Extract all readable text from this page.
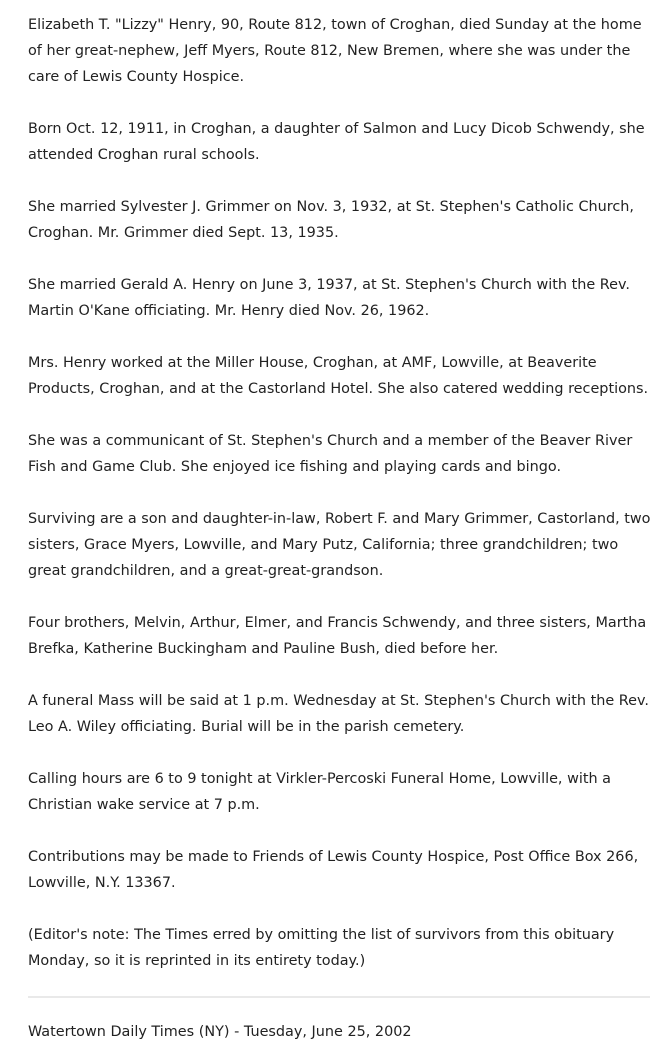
Elizabeth T. "Lizzy" Henry, 90, Route 812, town of Croghan, died Sunday at the home of her great-nephew, Jeff Myers, Route 812, New Bremen, where she was under the care of Lewis County Hospice.

Born Oct. 12, 1911, in Croghan, a daughter of Salmon and Lucy Dicob Schwendy, she attended Croghan rural schools.

She married Sylvester J. Grimmer on Nov. 3, 1932, at St. Stephen's Catholic Church, Croghan. Mr. Grimmer died Sept. 13, 1935.

She married Gerald A. Henry on June 3, 1937, at St. Stephen's Church with the Rev. Martin O'Kane officiating. Mr. Henry died Nov. 26, 1962.

Mrs. Henry worked at the Miller House, Croghan, at AMF, Lowville, at Beaverite Products, Croghan, and at the Castorland Hotel. She also catered wedding receptions.

She was a communicant of St. Stephen's Church and a member of the Beaver River Fish and Game Club. She enjoyed ice fishing and playing cards and bingo.

Surviving are a son and daughter-in-law, Robert F. and Mary Grimmer, Castorland, two sisters, Grace Myers, Lowville, and Mary Putz, California; three grandchildren; two great grandchildren, and a great-great-grandson.

Four brothers, Melvin, Arthur, Elmer, and Francis Schwendy, and three sisters, Martha Brefka, Katherine Buckingham and Pauline Bush, died before her.

A funeral Mass will be said at 1 p.m. Wednesday at St. Stephen's Church with the Rev. Leo A. Wiley officiating. Burial will be in the parish cemetery.

Calling hours are 6 to 9 tonight at Virkler-Percoski Funeral Home, Lowville, with a Christian wake service at 7 p.m.

Contributions may be made to Friends of Lewis County Hospice, Post Office Box 266, Lowville, N.Y. 13367.

(Editor's note: The Times erred by omitting the list of survivors from this obituary Monday, so it is reprinted in its entirety today.)

Watertown Daily Times (NY) - Tuesday, June 25, 2002
